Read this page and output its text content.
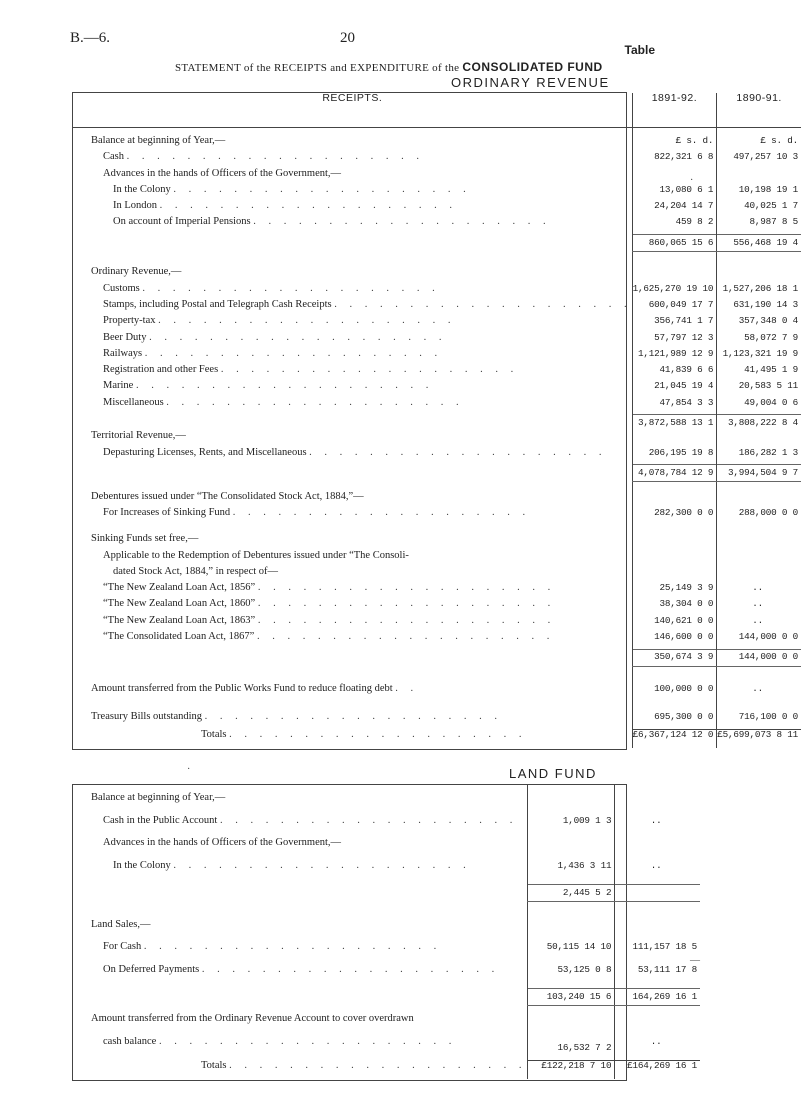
B.—6.	20
Table
STATEMENT of the RECEIPTS and EXPENDITURE of the CONSOLIDATED FUND
ORDINARY REVENUE
RECEIPTS.	1891-92.	1890-91.

Balance at beginning of Year,—	£ s. d.	£ s. d.
Cash . . . . . . . . . . . . . . . . . . . .	822,321 6 8	497,257 10 3
Advances in the hands of Officers of the Government,—		
In the Colony . . . . . . . . . . . . . . . . . . . .	13,080 6 1	10,198 19 1
In London . . . . . . . . . . . . . . . . . . . .	24,204 14 7	40,025 1 7
On account of Imperial Pensions . . . . . . . . . . . . . . . . . . . .	459 8 2	8,987 8 5
	860,065 15 6	556,468 19 4

Ordinary Revenue,—		
Customs . . . . . . . . . . . . . . . . . . . .	1,625,270 19 10	1,527,206 18 1
Stamps, including Postal and Telegraph Cash Receipts . . . . . . . . . . . . . . . . . . . .	600,049 17 7	631,190 14 3
Property-tax . . . . . . . . . . . . . . . . . . . .	356,741 1 7	357,348 0 4
Beer Duty . . . . . . . . . . . . . . . . . . . .	57,797 12 3	58,072 7 9
Railways . . . . . . . . . . . . . . . . . . . .	1,121,989 12 9	1,123,321 19 9
Registration and other Fees . . . . . . . . . . . . . . . . . . . .	41,839 6 6	41,495 1 9
Marine . . . . . . . . . . . . . . . . . . . .	21,045 19 4	20,583 5 11
Miscellaneous . . . . . . . . . . . . . . . . . . . .	47,854 3 3	49,004 0 6
	3,872,588 13 1	3,808,222 8 4
Territorial Revenue,—		
Depasturing Licenses, Rents, and Miscellaneous . . . . . . . . . . . . . . . . . . . .	206,195 19 8	186,282 1 3
	4,078,784 12 9	3,994,504 9 7

Debentures issued under “The Consolidated Stock Act, 1884,”—		
For Increases of Sinking Fund . . . . . . . . . . . . . . . . . . . .	282,300 0 0	288,000 0 0

Sinking Funds set free,—		
Applicable to the Redemption of Debentures issued under “The Consoli-		
dated Stock Act, 1884,” in respect of—		
“The New Zealand Loan Act, 1856” . . . . . . . . . . . . . . . . . . . .	25,149 3 9	..
“The New Zealand Loan Act, 1860” . . . . . . . . . . . . . . . . . . . .	38,304 0 0	..
“The New Zealand Loan Act, 1863” . . . . . . . . . . . . . . . . . . . .	140,621 0 0	..
“The Consolidated Loan Act, 1867” . . . . . . . . . . . . . . . . . . . .	146,600 0 0	144,000 0 0
	350,674 3 9	144,000 0 0

Amount transferred from the Public Works Fund to reduce floating debt . .	100,000 0 0	..

Treasury Bills outstanding . . . . . . . . . . . . . . . . . . . .	695,300 0 0	716,100 0 0

Totals . . . . . . . . . . . . . . . . . . . .	£6,367,124 12 0	£5,699,073 8 11
·
·
—
LAND FUND

Balance at beginning of Year,—		
Cash in the Public Account . . . . . . . . . . . . . . . . . . . .	1,009 1 3	..
Advances in the hands of Officers of the Government,—		
In the Colony . . . . . . . . . . . . . . . . . . . .	1,436 3 11	..
	2,445 5 2	

Land Sales,—		
For Cash . . . . . . . . . . . . . . . . . . . .	50,115 14 10	111,157 18 5
On Deferred Payments . . . . . . . . . . . . . . . . . . . .	53,125 0 8	53,111 17 8
	103,240 15 6	164,269 16 1

Amount transferred from the Ordinary Revenue Account to cover overdrawn		
cash balance . . . . . . . . . . . . . . . . . . . .	16,532 7 2	..

Totals . . . . . . . . . . . . . . . . . . . .	£122,218 7 10	£164,269 16 1
